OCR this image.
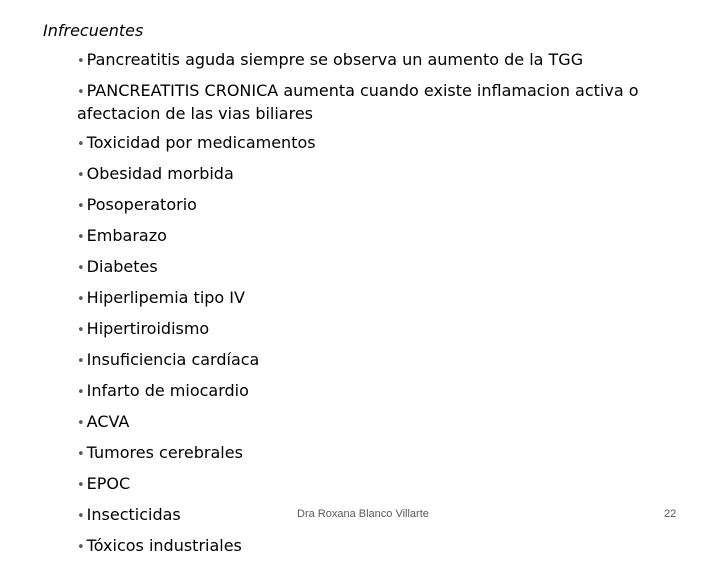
Infrecuentes
• Pancreatitis aguda siempre se observa un aumento de la TGG
• PANCREATITIS CRONICA aumenta cuando existe inflamacion activa o afectacion de las vias biliares
• Toxicidad por medicamentos
• Obesidad morbida
• Posoperatorio
• Embarazo
• Diabetes
• Hiperlipemia tipo IV
• Hipertiroidismo
• Insuficiencia cardíaca
• Infarto de miocardio
• ACVA
• Tumores cerebrales
• EPOC
• Insecticidas
• Tóxicos industriales
Dra Roxana Blanco Villarte	22
